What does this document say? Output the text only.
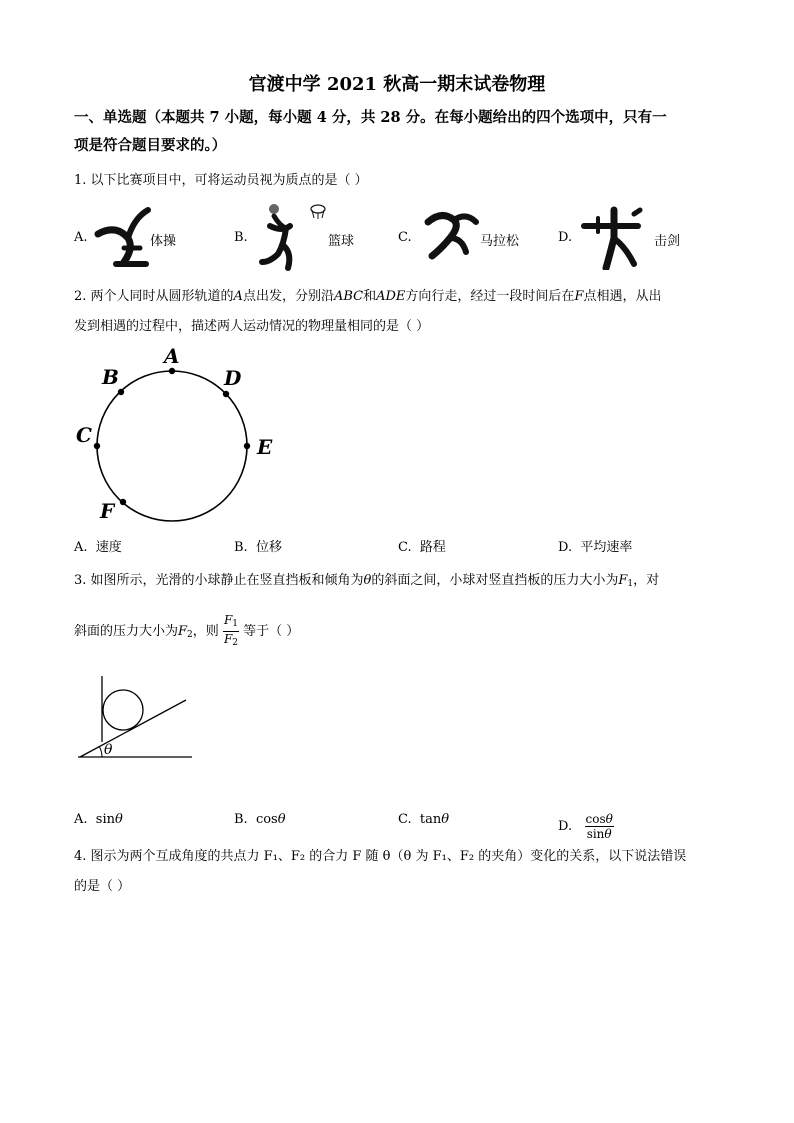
官渡中学 2021 秋高一期末试卷物理
一、单选题（本题共 7 小题，每小题 4 分，共 28 分。在每小题给出的四个选项中，只有一
项是符合题目要求的。）
1. 以下比赛项目中，可将运动员视为质点的是（ ）
A.	体操	B.	篮球	C.	马拉松	D.	击剑
2. 两个人同时从圆形轨道的A点出发，分别沿ABC和ADE方向行走，经过一段时间后在F点相遇，从出
发到相遇的过程中，描述两人运动情况的物理量相同的是（ ）
A
B
C
D
E
F
A. 速度	B. 位移	C. 路程	D. 平均速率
3. 如图所示，光滑的小球静止在竖直挡板和倾角为θ的斜面之间，小球对竖直挡板的压力大小为$F_1$，对
斜面的压力大小为$F_2$，则 $\frac{F_1}{F_2}$ 等于（ ）
θ
A. sinθ	B. cosθ	C. tanθ	D. $\frac{\cos\theta}{\sin\theta}$
4. 图示为两个互成角度的共点力 F₁、F₂ 的合力 F 随 θ（θ 为 F₁、F₂ 的夹角）变化的关系，以下说法错误
的是（ ）
